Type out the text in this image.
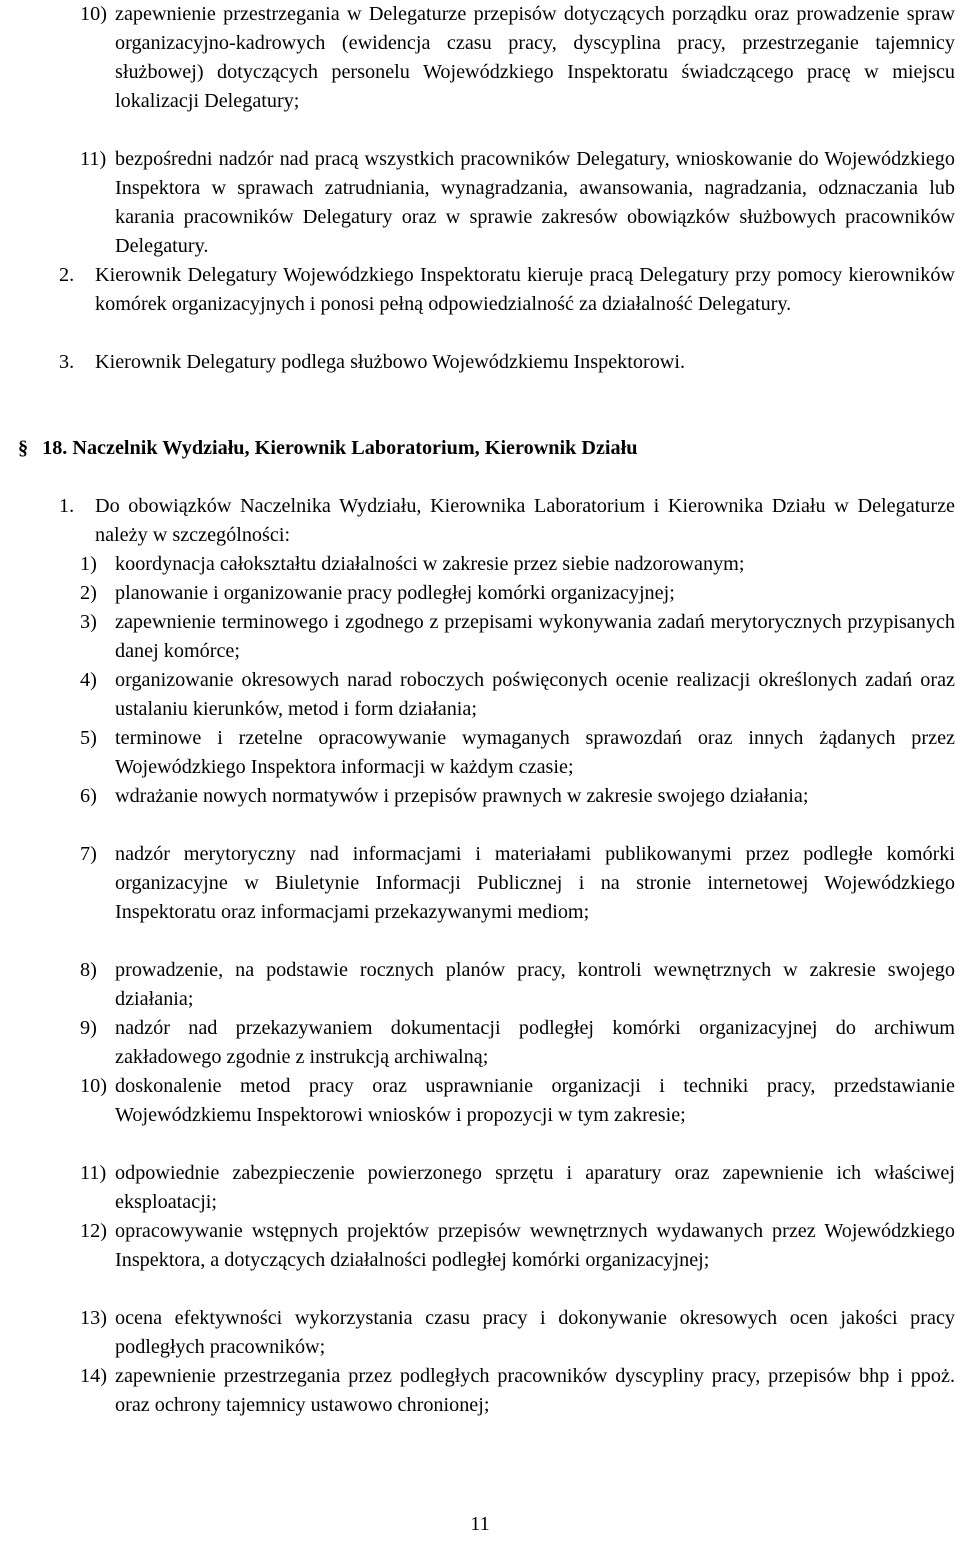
10) zapewnienie przestrzegania w Delegaturze przepisów dotyczących porządku oraz prowadzenie spraw organizacyjno-kadrowych (ewidencja czasu pracy, dyscyplina pracy, przestrzeganie tajemnicy służbowej) dotyczących personelu Wojewódzkiego Inspektoratu świadczącego pracę w miejscu lokalizacji Delegatury;
11) bezpośredni nadzór nad pracą wszystkich pracowników Delegatury, wnioskowanie do Wojewódzkiego Inspektora w sprawach zatrudniania, wynagradzania, awansowania, nagradzania, odznaczania lub karania pracowników Delegatury oraz w sprawie zakresów obowiązków służbowych pracowników Delegatury.
2. Kierownik Delegatury Wojewódzkiego Inspektoratu kieruje pracą Delegatury przy pomocy kierowników komórek organizacyjnych i ponosi pełną odpowiedzialność za działalność Delegatury.
3. Kierownik Delegatury podlega służbowo Wojewódzkiemu Inspektorowi.
§ 18. Naczelnik Wydziału, Kierownik Laboratorium, Kierownik Działu
1. Do obowiązków Naczelnika Wydziału, Kierownika Laboratorium i Kierownika Działu w Delegaturze należy w szczególności:
1) koordynacja całokształtu działalności w zakresie przez siebie nadzorowanym;
2) planowanie i organizowanie pracy podległej komórki organizacyjnej;
3) zapewnienie terminowego i zgodnego z przepisami wykonywania zadań merytorycznych przypisanych danej komórce;
4) organizowanie okresowych narad roboczych poświęconych ocenie realizacji określonych zadań oraz ustalaniu kierunków, metod i form działania;
5) terminowe i rzetelne opracowywanie wymaganych sprawozdań oraz innych żądanych przez Wojewódzkiego Inspektora informacji w każdym czasie;
6) wdrażanie nowych normatywów i przepisów prawnych w zakresie swojego działania;
7) nadzór merytoryczny nad informacjami i materiałami publikowanymi przez podległe komórki organizacyjne w Biuletynie Informacji Publicznej i na stronie internetowej Wojewódzkiego Inspektoratu oraz informacjami przekazywanymi mediom;
8) prowadzenie, na podstawie rocznych planów pracy, kontroli wewnętrznych w zakresie swojego działania;
9) nadzór nad przekazywaniem dokumentacji podległej komórki organizacyjnej do archiwum zakładowego zgodnie z instrukcją archiwalną;
10) doskonalenie metod pracy oraz usprawnianie organizacji i techniki pracy, przedstawianie Wojewódzkiemu Inspektorowi wniosków i propozycji w tym zakresie;
11) odpowiednie zabezpieczenie powierzonego sprzętu i aparatury oraz zapewnienie ich właściwej eksploatacji;
12) opracowywanie wstępnych projektów przepisów wewnętrznych wydawanych przez Wojewódzkiego Inspektora, a dotyczących działalności podległej komórki organizacyjnej;
13) ocena efektywności wykorzystania czasu pracy i dokonywanie okresowych ocen jakości pracy podległych pracowników;
14) zapewnienie przestrzegania przez podległych pracowników dyscypliny pracy, przepisów bhp i ppoż. oraz ochrony tajemnicy ustawowo chronionej;
11
